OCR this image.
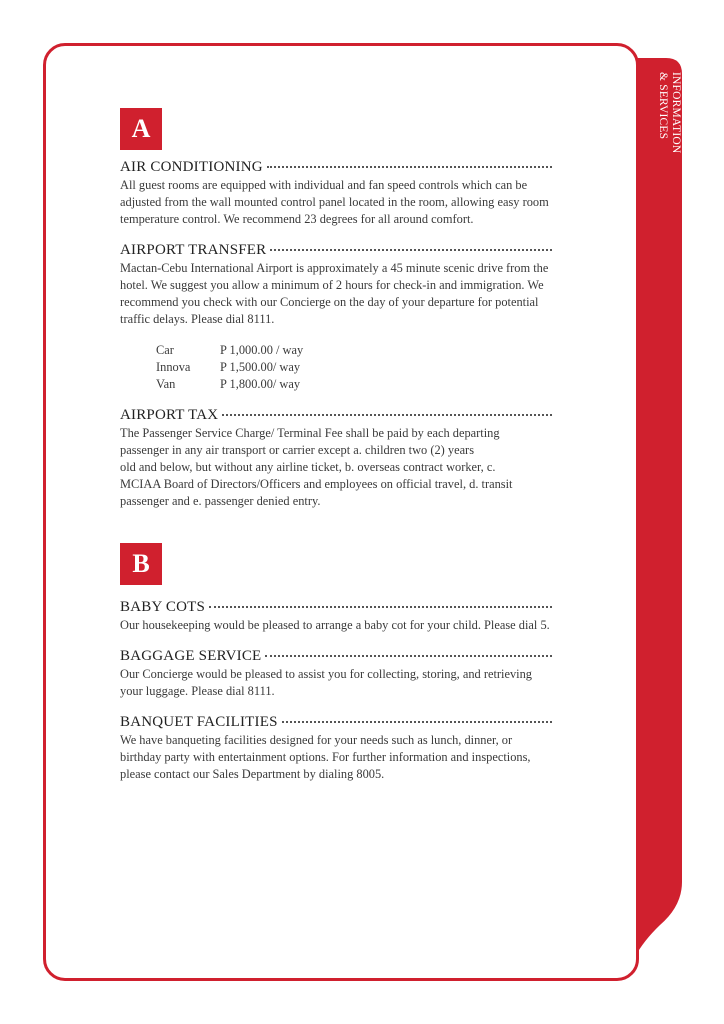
INFORMATION
& SERVICES
A
AIR CONDITIONING
All guest rooms are equipped with individual and fan speed controls which can be adjusted from the wall mounted control panel located in the room, allowing easy room temperature control. We recommend 23 degrees for all around comfort.
AIRPORT TRANSFER
Mactan-Cebu International Airport is approximately a 45 minute scenic drive from the hotel. We suggest you allow a minimum of 2 hours for check-in and immigration. We recommend you check with our Concierge on the day of your departure for potential traffic delays. Please dial 8111.
Car	P 1,000.00 / way
Innova	P 1,500.00/ way
Van	P 1,800.00/ way
AIRPORT TAX

The Passenger Service Charge/ Terminal Fee shall be paid by each departing

passenger in any air transport or carrier except a. children two (2) years

old and below, but without any airline ticket, b. overseas contract worker, c.

MCIAA Board of Directors/Officers and employees on official travel, d. transit

passenger and e. passenger denied entry.

B
BABY COTS
Our housekeeping would be pleased to arrange a baby cot for your child. Please dial 5.
BAGGAGE SERVICE
Our Concierge would be pleased to assist you for collecting, storing, and retrieving your luggage. Please dial 8111.
BANQUET FACILITIES
We have banqueting facilities designed for your needs such as lunch, dinner, or birthday party with entertainment options. For further information and inspections, please contact our Sales Department by dialing 8005.
